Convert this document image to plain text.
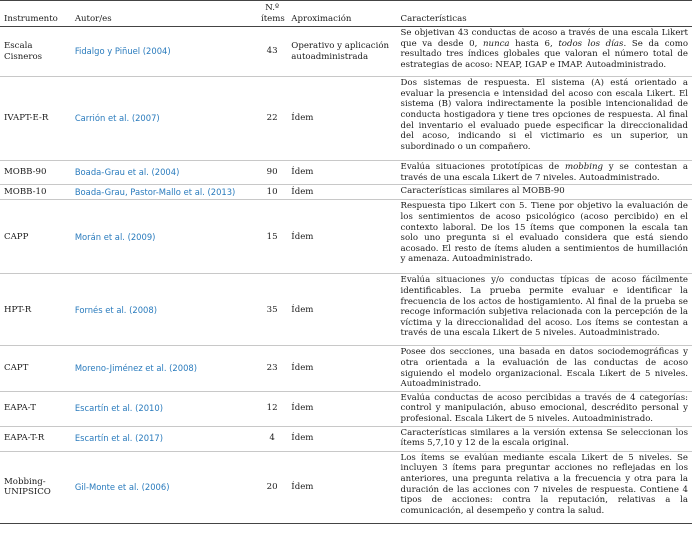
Instrumento	Autor/es	N.º ítems	Aproximación	Características
Escala Cisneros	Fidalgo y Piñuel (2004)	43	Operativo y aplicación autoadministrada	Se objetivan 43 conductas de acoso a través de una escala Likert que va desde 0, nunca hasta 6, todos los días. Se da como resultado tres índices globales que valoran el número total de estrategias de acoso: NEAP, IGAP e IMAP. Autoadministrado.
IVAPT-E-R	Carrión et al. (2007)	22	Ídem	Dos sistemas de respuesta. El sistema (A) está orientado a evaluar la presencia e intensidad del acoso con escala Likert. El sistema (B) valora indirectamente la posible intencionalidad de conducta hostigadora y tiene tres opciones de respuesta. Al final del inventario el evaluado puede especificar la direccionalidad del acoso, indicando si el victimario es un superior, un subordinado o un compañero.
MOBB-90	Boada-Grau et al. (2004)	90	Ídem	Evalúa situaciones prototípicas de mobbing y se contestan a través de una escala Likert de 7 niveles. Autoadministrado.
MOBB-10	Boada-Grau, Pastor-Mallo et al. (2013)	10	Ídem	Características similares al MOBB-90
CAPP	Morán et al. (2009)	15	Ídem	Respuesta tipo Likert con 5. Tiene por objetivo la evaluación de los sentimientos de acoso psicológico (acoso percibido) en el contexto laboral. De los 15 ítems que componen la escala tan solo uno pregunta si el evaluado considera que está siendo acosado. El resto de ítems aluden a sentimientos de humillación y amenaza. Autoadministrado.
HPT-R	Fornés et al. (2008)	35	Ídem	Evalúa situaciones y/o conductas típicas de acoso fácilmente identificables. La prueba permite evaluar e identificar la frecuencia de los actos de hostigamiento. Al final de la prueba se recoge información subjetiva relacionada con la percepción de la víctima y la direccionalidad del acoso. Los ítems se contestan a través de una escala Likert de 5 niveles. Autoadministrado.
CAPT	Moreno-Jiménez et al. (2008)	23	Ídem	Posee dos secciones, una basada en datos sociodemográficas y otra orientada a la evaluación de las conductas de acoso siguiendo el modelo organizacional. Escala Likert de 5 niveles. Autoadministrado.
EAPA-T	Escartín et al. (2010)	12	Ídem	Evalúa conductas de acoso percibidas a través de 4 categorías: control y manipulación, abuso emocional, descrédito personal y profesional. Escala Likert de 5 niveles. Autoadministrado.
EAPA-T-R	Escartín et al. (2017)	4	Ídem	Características similares a la versión extensa Se seleccionan los ítems 5,7,10 y 12 de la escala original.
Mobbing-UNIPSICO	Gil-Monte et al. (2006)	20	Ídem	Los ítems se evalúan mediante escala Likert de 5 niveles. Se incluyen 3 ítems para preguntar acciones no reflejadas en los anteriores, una pregunta relativa a la frecuencia y otra para la duración de las acciones con 7 niveles de respuesta. Contiene 4 tipos de acciones: contra la reputación, relativas a la comunicación, al desempeño y contra la salud.
